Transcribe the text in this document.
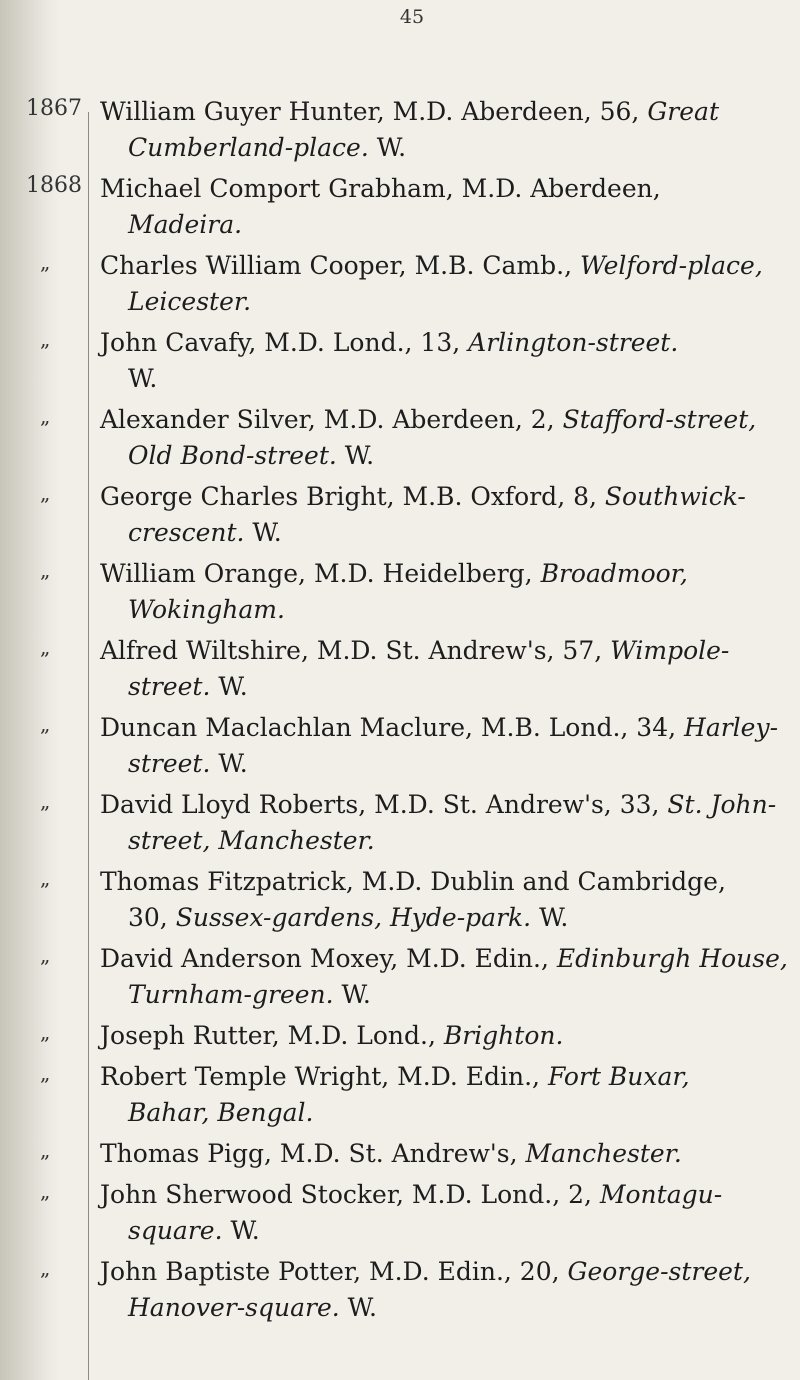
45
1867 William Guyer Hunter, M.D. Aberdeen, 56, Great
Cumberland-place. W.
1868 Michael Comport Grabham, M.D. Aberdeen,
Madeira.
„	Charles William Cooper, M.B. Camb., Welford-place,
Leicester.
„	John Cavafy, M.D. Lond., 13, Arlington-street.
W.
„	Alexander Silver, M.D. Aberdeen, 2, Stafford-street,
Old Bond-street. W.
„	George Charles Bright, M.B. Oxford, 8, Southwick-
crescent. W.
„	William Orange, M.D. Heidelberg, Broadmoor,
Wokingham.
„	Alfred Wiltshire, M.D. St. Andrew's, 57, Wimpole-
street. W.
„	Duncan Maclachlan Maclure, M.B. Lond., 34, Harley-
street. W.
„	David Lloyd Roberts, M.D. St. Andrew's, 33, St. John-
street, Manchester.
„	Thomas Fitzpatrick, M.D. Dublin and Cambridge,
30, Sussex-gardens, Hyde-park. W.
„	David Anderson Moxey, M.D. Edin., Edinburgh House,
Turnham-green. W.
„	Joseph Rutter, M.D. Lond., Brighton.
„	Robert Temple Wright, M.D. Edin., Fort Buxar,
Bahar, Bengal.
„	Thomas Pigg, M.D. St. Andrew's, Manchester.
„	John Sherwood Stocker, M.D. Lond., 2, Montagu-
square. W.
„	John Baptiste Potter, M.D. Edin., 20, George-street,
Hanover-square. W.
